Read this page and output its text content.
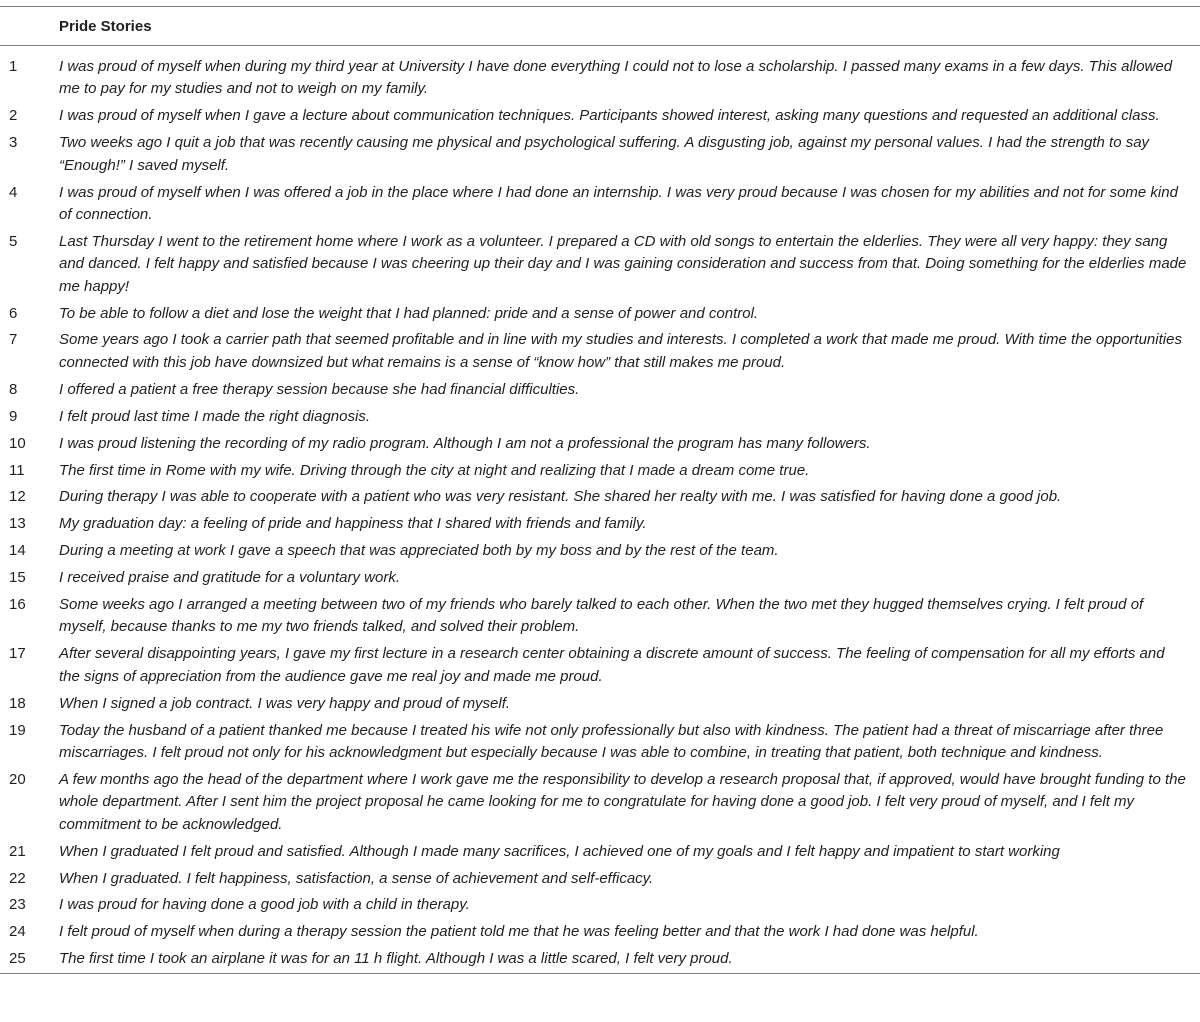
	Pride Stories
1	I was proud of myself when during my third year at University I have done everything I could not to lose a scholarship. I passed many exams in a few days. This allowed me to pay for my studies and not to weigh on my family.
2	I was proud of myself when I gave a lecture about communication techniques. Participants showed interest, asking many questions and requested an additional class.
3	Two weeks ago I quit a job that was recently causing me physical and psychological suffering. A disgusting job, against my personal values. I had the strength to say “Enough!” I saved myself.
4	I was proud of myself when I was offered a job in the place where I had done an internship. I was very proud because I was chosen for my abilities and not for some kind of connection.
5	Last Thursday I went to the retirement home where I work as a volunteer. I prepared a CD with old songs to entertain the elderlies. They were all very happy: they sang and danced. I felt happy and satisfied because I was cheering up their day and I was gaining consideration and success from that. Doing something for the elderlies made me happy!
6	To be able to follow a diet and lose the weight that I had planned: pride and a sense of power and control.
7	Some years ago I took a carrier path that seemed profitable and in line with my studies and interests. I completed a work that made me proud. With time the opportunities connected with this job have downsized but what remains is a sense of “know how” that still makes me proud.
8	I offered a patient a free therapy session because she had financial difficulties.
9	I felt proud last time I made the right diagnosis.
10	I was proud listening the recording of my radio program. Although I am not a professional the program has many followers.
11	The first time in Rome with my wife. Driving through the city at night and realizing that I made a dream come true.
12	During therapy I was able to cooperate with a patient who was very resistant. She shared her realty with me. I was satisfied for having done a good job.
13	My graduation day: a feeling of pride and happiness that I shared with friends and family.
14	During a meeting at work I gave a speech that was appreciated both by my boss and by the rest of the team.
15	I received praise and gratitude for a voluntary work.
16	Some weeks ago I arranged a meeting between two of my friends who barely talked to each other. When the two met they hugged themselves crying. I felt proud of myself, because thanks to me my two friends talked, and solved their problem.
17	After several disappointing years, I gave my first lecture in a research center obtaining a discrete amount of success. The feeling of compensation for all my efforts and the signs of appreciation from the audience gave me real joy and made me proud.
18	When I signed a job contract. I was very happy and proud of myself.
19	Today the husband of a patient thanked me because I treated his wife not only professionally but also with kindness. The patient had a threat of miscarriage after three miscarriages. I felt proud not only for his acknowledgment but especially because I was able to combine, in treating that patient, both technique and kindness.
20	A few months ago the head of the department where I work gave me the responsibility to develop a research proposal that, if approved, would have brought funding to the whole department. After I sent him the project proposal he came looking for me to congratulate for having done a good job. I felt very proud of myself, and I felt my commitment to be acknowledged.
21	When I graduated I felt proud and satisfied. Although I made many sacrifices, I achieved one of my goals and I felt happy and impatient to start working
22	When I graduated. I felt happiness, satisfaction, a sense of achievement and self-efficacy.
23	I was proud for having done a good job with a child in therapy.
24	I felt proud of myself when during a therapy session the patient told me that he was feeling better and that the work I had done was helpful.
25	The first time I took an airplane it was for an 11 h flight. Although I was a little scared, I felt very proud.
